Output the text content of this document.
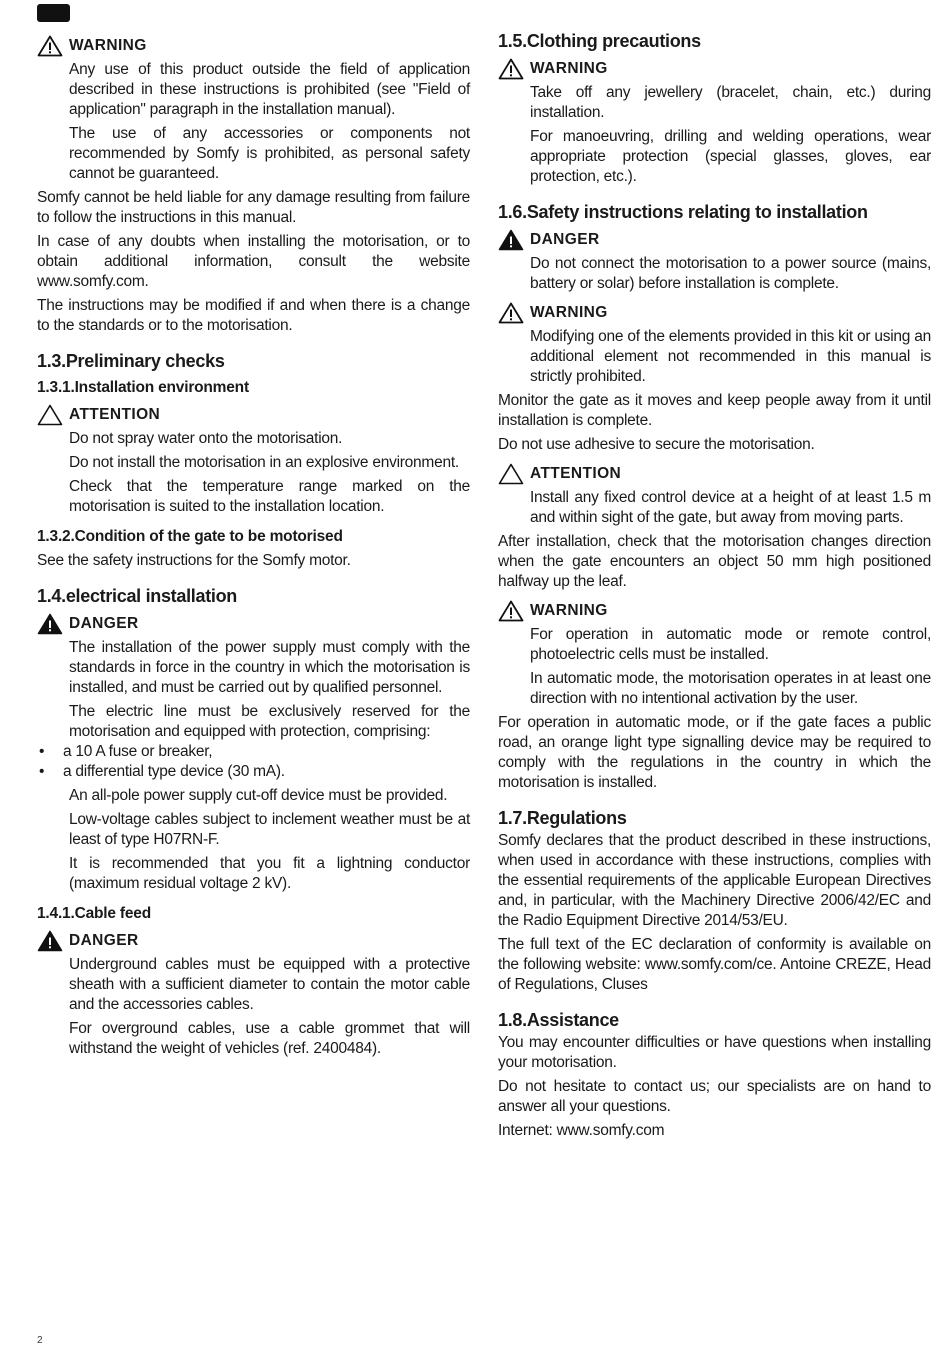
WARNING

Any use of this product outside the field of application described in these instructions is prohibited (see "Field of application" paragraph in the installation manual).

The use of any accessories or components not recommended by Somfy is prohibited, as personal safety cannot be guaranteed.

Somfy cannot be held liable for any damage resulting from failure to follow the instructions in this manual.

In case of any doubts when installing the motorisation, or to obtain additional information, consult the website www.somfy.com.

The instructions may be modified if and when there is a change to the standards or to the motorisation.

1.3.Preliminary checks
1.3.1.Installation environment
ATTENTION

Do not spray water onto the motorisation.

Do not install the motorisation in an explosive environment.

Check that the temperature range marked on the motorisation is suited to the installation location.

1.3.2.Condition of the gate to be motorised

See the safety instructions for the Somfy motor.

1.4.electrical installation
DANGER

The installation of the power supply must comply with the standards in force in the country in which the motorisation is installed, and must be carried out by qualified personnel.

The electric line must be exclusively reserved for the motorisation and equipped with protection, comprising:

•	a 10 A fuse or breaker,
•	a differential type device (30 mA).

An all-pole power supply cut-off device must be provided.

Low-voltage cables subject to inclement weather must be at least of type H07RN-F.

It is recommended that you fit a lightning conductor (maximum residual voltage 2 kV).

1.4.1.Cable feed
DANGER

Underground cables must be equipped with a protective sheath with a sufficient diameter to contain the motor cable and the accessories cables.

For overground cables, use a cable grommet that will withstand the weight of vehicles (ref. 2400484).

1.5.Clothing precautions
WARNING

Take off any jewellery (bracelet, chain, etc.) during installation.

For manoeuvring, drilling and welding operations, wear appropriate protection (special glasses, gloves, ear protection, etc.).

1.6.Safety instructions relating to installation
DANGER

Do not connect the motorisation to a power source (mains, battery or solar) before installation is complete.

WARNING

Modifying one of the elements provided in this kit or using an additional element not recommended in this manual is strictly prohibited.

Monitor the gate as it moves and keep people away from it until installation is complete.

Do not use adhesive to secure the motorisation.

ATTENTION

Install any fixed control device at a height of at least 1.5 m and within sight of the gate, but away from moving parts.

After installation, check that the motorisation changes direction when the gate encounters an object 50 mm high positioned halfway up the leaf.

WARNING

For operation in automatic mode or remote control, photoelectric cells must be installed.

In automatic mode, the motorisation operates in at least one direction with no intentional activation by the user.

For operation in automatic mode, or if the gate faces a public road, an orange light type signalling device may be required to comply with the regulations in the country in which the motorisation is installed.

1.7.Regulations

Somfy declares that the product described in these instructions, when used in accordance with these instructions, complies with the essential requirements of the applicable European Directives and, in particular, with the Machinery Directive 2006/42/EC and the Radio Equipment Directive 2014/53/EU.

The full text of the EC declaration of conformity is available on the following website: www.somfy.com/ce. Antoine CREZE, Head of Regulations, Cluses

1.8.Assistance

You may encounter difficulties or have questions when installing your motorisation.

Do not hesitate to contact us; our specialists are on hand to answer all your questions.

Internet: www.somfy.com

2
